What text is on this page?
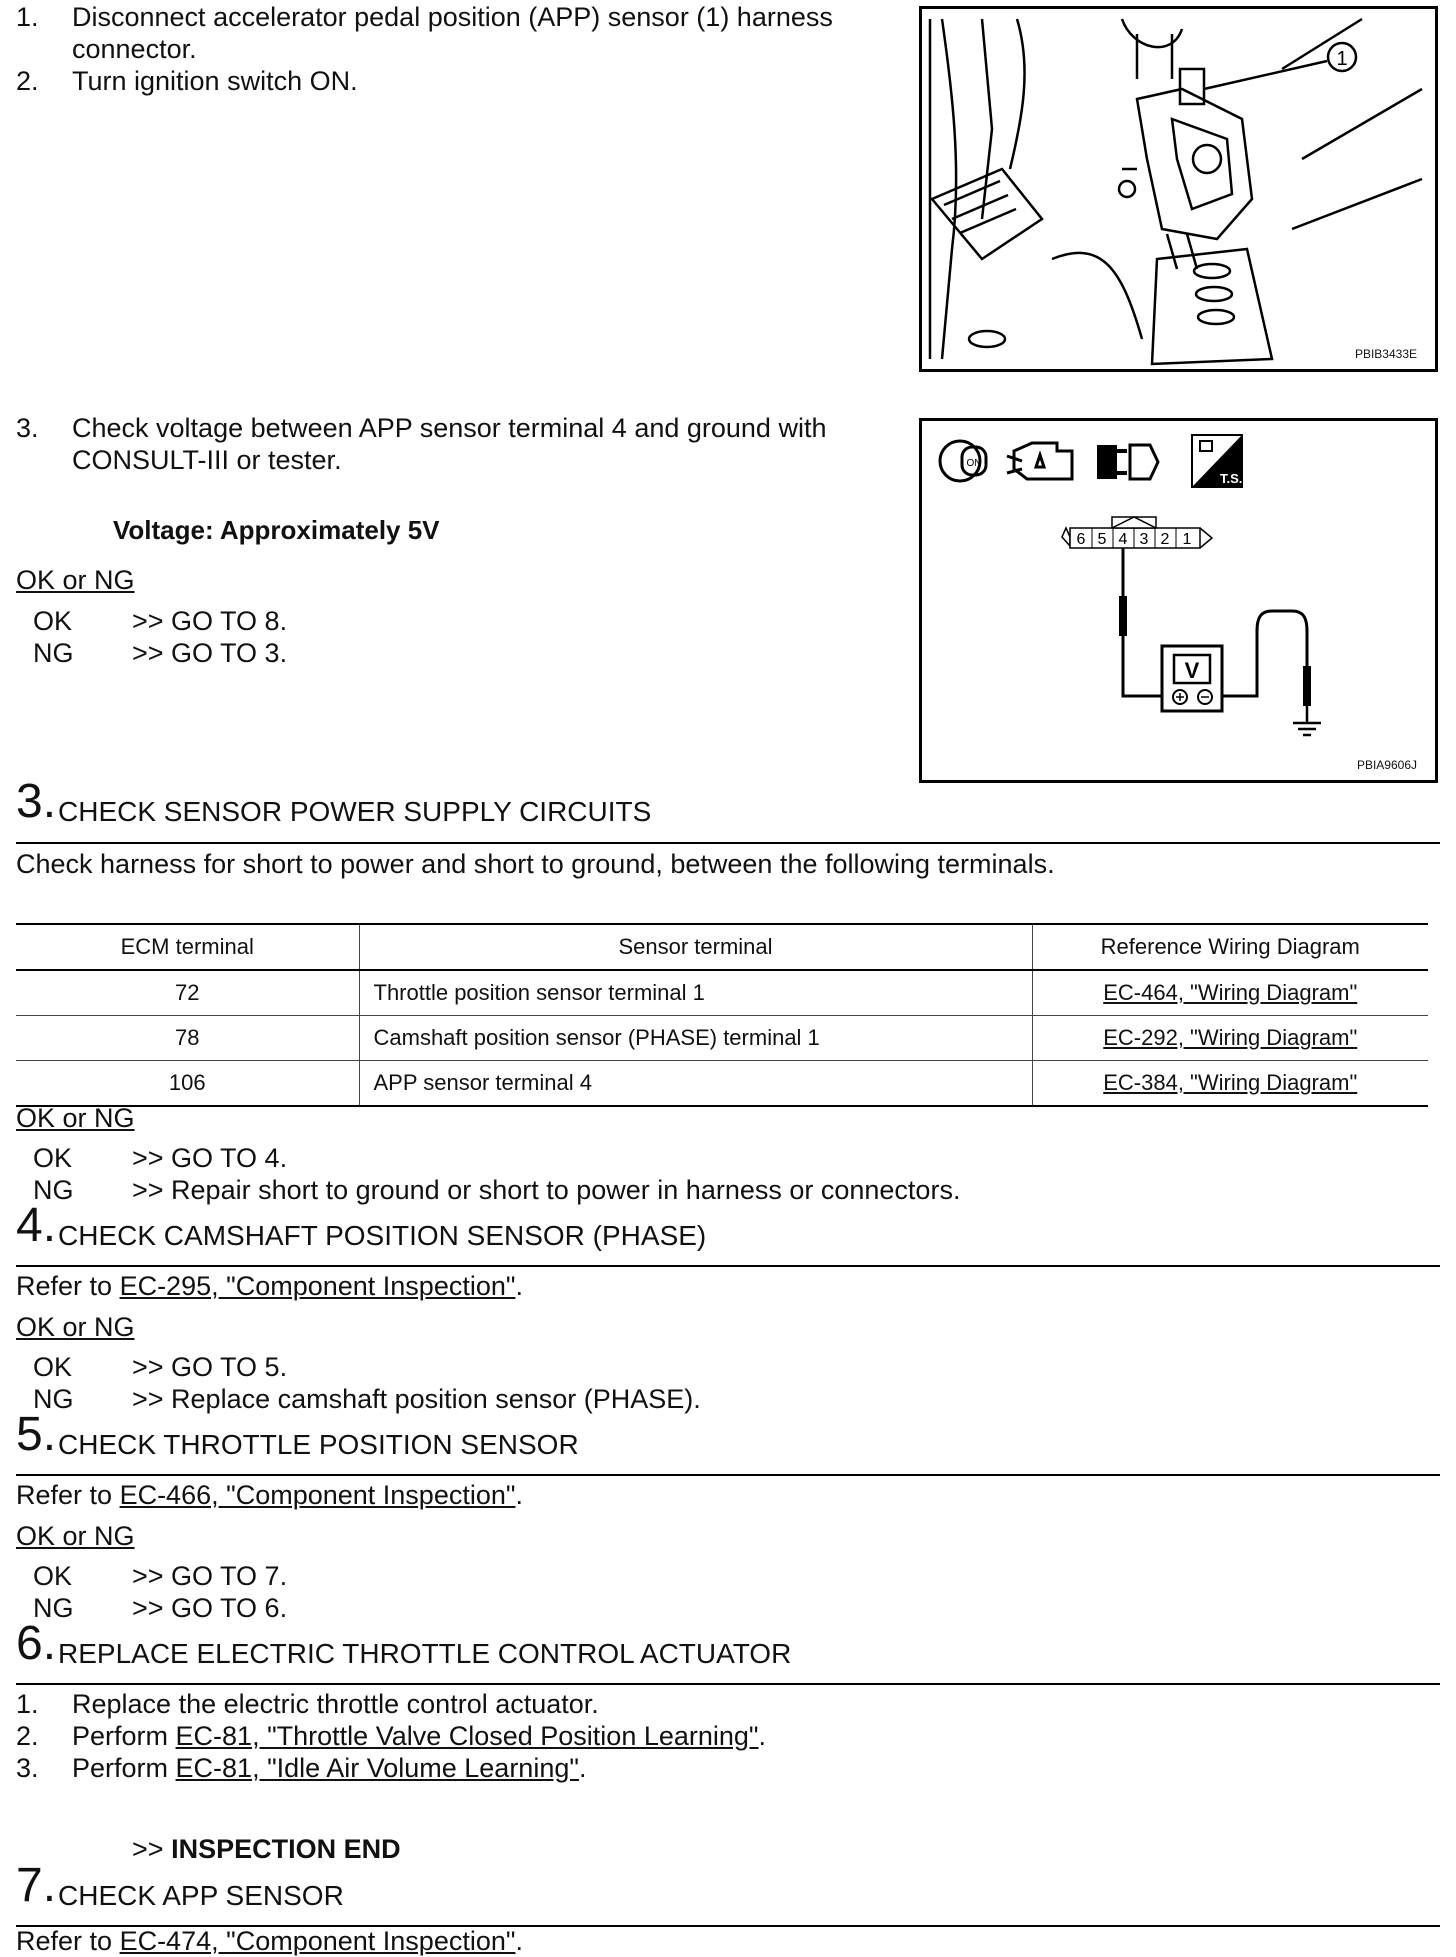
1. Disconnect accelerator pedal position (APP) sensor (1) harness
connector.
2. Turn ignition switch ON.
1
PBIB3433E
3. Check voltage between APP sensor terminal 4 and ground with
CONSULT-III or tester.
Voltage: Approximately 5V
OK or NG
OK >> GO TO 8.
NG >> GO TO 3.
ON
T.S.
6 5 4 3 2 1
V
PBIA9606J
3. CHECK SENSOR POWER SUPPLY CIRCUITS
Check harness for short to power and short to ground, between the following terminals.
ECM terminal	Sensor terminal	Reference Wiring Diagram
72	Throttle position sensor terminal 1	EC-464, "Wiring Diagram"
78	Camshaft position sensor (PHASE) terminal 1	EC-292, "Wiring Diagram"
106	APP sensor terminal 4	EC-384, "Wiring Diagram"
OK or NG
OK >> GO TO 4.
NG >> Repair short to ground or short to power in harness or connectors.
4. CHECK CAMSHAFT POSITION SENSOR (PHASE)
Refer to EC-295, "Component Inspection".
OK or NG
OK >> GO TO 5.
NG >> Replace camshaft position sensor (PHASE).
5. CHECK THROTTLE POSITION SENSOR
Refer to EC-466, "Component Inspection".
OK or NG
OK >> GO TO 7.
NG >> GO TO 6.
6. REPLACE ELECTRIC THROTTLE CONTROL ACTUATOR
1. Replace the electric throttle control actuator.
2. Perform EC-81, "Throttle Valve Closed Position Learning".
3. Perform EC-81, "Idle Air Volume Learning".
>> INSPECTION END
7. CHECK APP SENSOR
Refer to EC-474, "Component Inspection".
